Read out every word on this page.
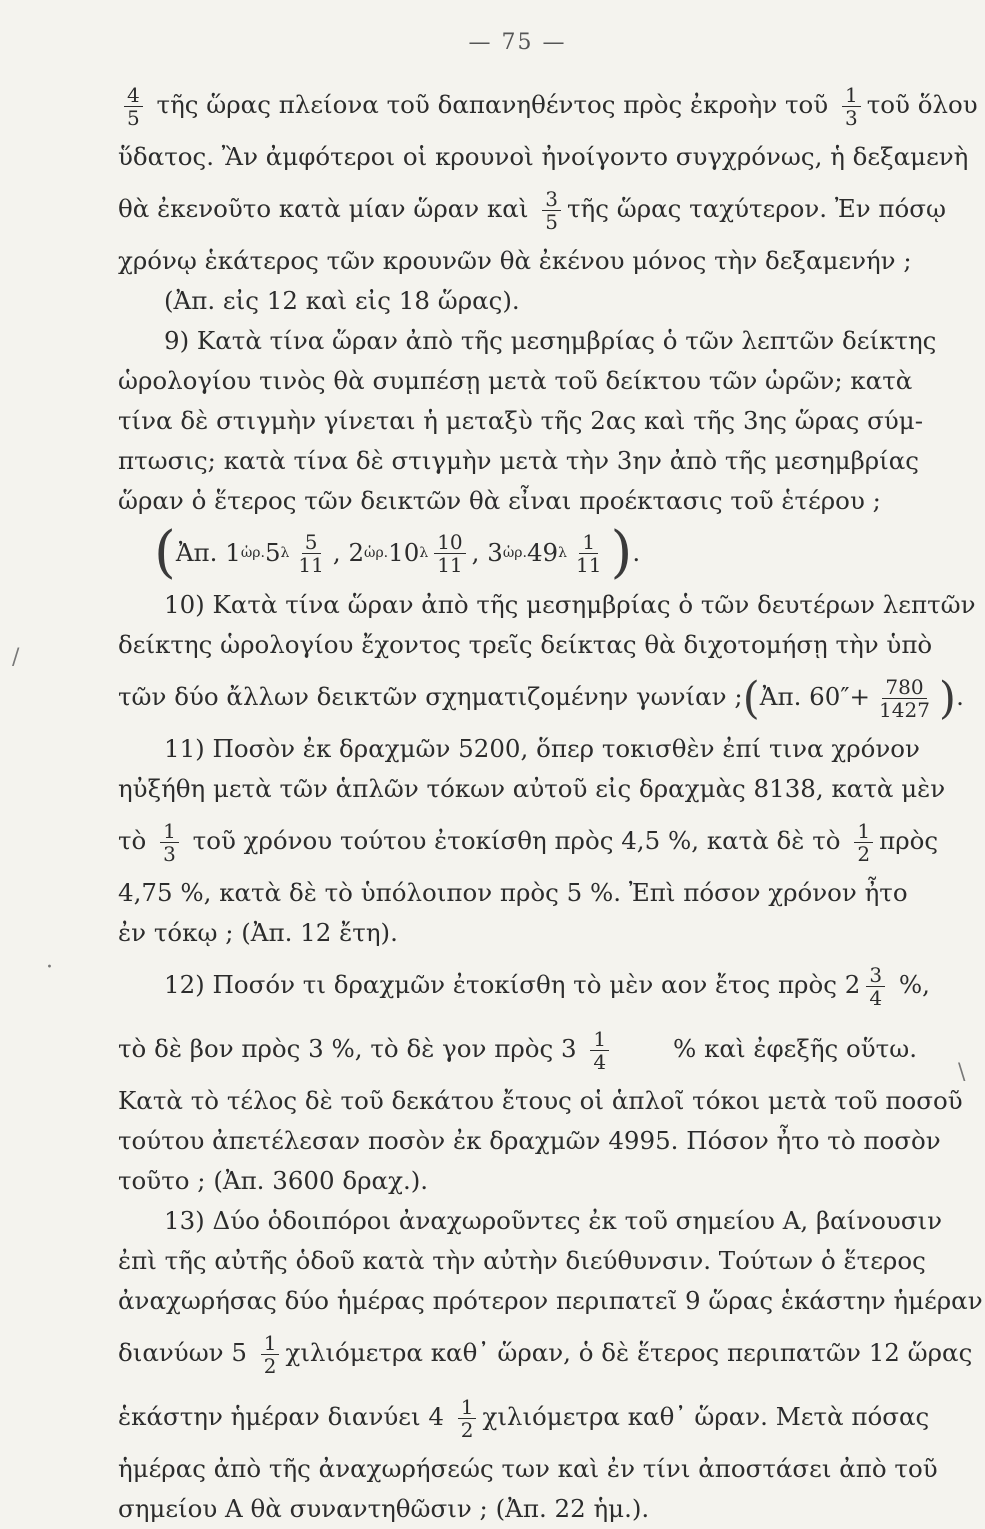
— 75 —
$\frac{4}{5}$ τῆς ὥρας πλείονα τοῦ δαπανηθέντος πρὸς ἐκροὴν τοῦ $\frac{1}{3}$ τοῦ ὅλου
ὕδατος. Ἂν ἀμφότεροι οἱ κρουνοὶ ἠνοίγοντο συγχρόνως, ἡ δεξαμενὴ
θὰ ἐκενοῦτο κατὰ μίαν ὥραν καὶ $\frac{3}{5}$ τῆς ὥρας ταχύτερον. Ἐν πόσῳ
χρόνῳ ἑκάτερος τῶν κρουνῶν θὰ ἐκένου μόνος τὴν δεξαμενήν ;
(Ἀπ. εἰς 12 καὶ εἰς 18 ὥρας).
9) Κατὰ τίνα ὥραν ἀπὸ τῆς μεσημβρίας ὁ τῶν λεπτῶν δείκτης
ὡρολογίου τινὸς θὰ συμπέσῃ μετὰ τοῦ δείκτου τῶν ὡρῶν; κατὰ
τίνα δὲ στιγμὴν γίνεται ἡ μεταξὺ τῆς 2ας καὶ τῆς 3ης ὥρας σύμ-
πτωσις; κατὰ τίνα δὲ στιγμὴν μετὰ τὴν 3ην ἀπὸ τῆς μεσημβρίας
ὥραν ὁ ἕτερος τῶν δεικτῶν θὰ εἶναι προέκτασις τοῦ ἑτέρου ;
( Ἀπ. 1 ὡρ. 5 λ $\frac{5}{11}$ , 2 ὡρ. 10 λ $\frac{10}{11}$ , 3 ὡρ. 49 λ $\frac{1}{11}$ ) .
10) Κατὰ τίνα ὥραν ἀπὸ τῆς μεσημβρίας ὁ τῶν δευτέρων λεπτῶν
δείκτης ὡρολογίου ἔχοντος τρεῖς δείκτας θὰ διχοτομήσῃ τὴν ὑπὸ
τῶν δύο ἄλλων δεικτῶν σχηματιζομένην γωνίαν ; (Ἀπ. $60''+ \frac{780}{1427}$ ).
11) Ποσὸν ἐκ δραχμῶν 5200, ὅπερ τοκισθὲν ἐπί τινα χρόνον
ηὐξήθη μετὰ τῶν ἁπλῶν τόκων αὐτοῦ εἰς δραχμὰς 8138, κατὰ μὲν
τὸ $\frac{1}{3}$ τοῦ χρόνου τούτου ἐτοκίσθη πρὸς 4,5 %, κατὰ δὲ τὸ $\frac{1}{2}$ πρὸς
4,75 %, κατὰ δὲ τὸ ὑπόλοιπον πρὸς 5 %. Ἐπὶ πόσον χρόνον ἦτο
ἐν τόκῳ ; (Ἀπ. 12 ἔτη).
12) Ποσόν τι δραχμῶν ἐτοκίσθη τὸ μὲν αον ἔτος πρὸς $2 \frac{3}{4}$ %,
τὸ δὲ βον πρὸς 3 %, τὸ δὲ γον πρὸς $3 \frac{1}{4}$	% καὶ ἐφεξῆς οὕτω.
Κατὰ τὸ τέλος δὲ τοῦ δεκάτου ἔτους οἱ ἁπλοῖ τόκοι μετὰ τοῦ ποσοῦ
τούτου ἀπετέλεσαν ποσὸν ἐκ δραχμῶν 4995. Πόσον ἦτο τὸ ποσὸν
τοῦτο ; (Ἀπ. 3600 δραχ.).
13) Δύο ὁδοιπόροι ἀναχωροῦντες ἐκ τοῦ σημείου Α, βαίνουσιν
ἐπὶ τῆς αὐτῆς ὁδοῦ κατὰ τὴν αὐτὴν διεύθυνσιν. Τούτων ὁ ἕτερος
ἀναχωρήσας δύο ἡμέρας πρότερον περιπατεῖ 9 ὥρας ἑκάστην ἡμέραν
διανύων $5 \frac{1}{2}$ χιλιόμετρα καθ᾽ ὥραν, ὁ δὲ ἕτερος περιπατῶν 12 ὥρας
ἑκάστην ἡμέραν διανύει $4 \frac{1}{2}$ χιλιόμετρα καθ᾽ ὥραν. Μετὰ πόσας
ἡμέρας ἀπὸ τῆς ἀναχωρήσεώς των καὶ ἐν τίνι ἀποστάσει ἀπὸ τοῦ
σημείου Α θὰ συναντηθῶσιν ; (Ἀπ. 22 ἡμ.).
/
·
\
